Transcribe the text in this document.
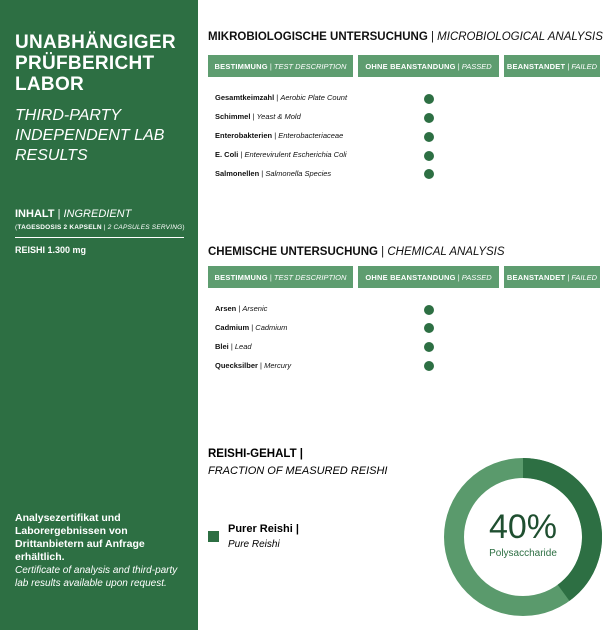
UNABHÄNGIGER PRÜFBERICHT LABOR
THIRD-PARTY INDEPENDENT LAB RESULTS
INHALT | INGREDIENT
(TAGESDOSIS 2 KAPSELN | 2 CAPSULES SERVING)
REISHI 1.300 mg
Analysezertifikat und Laborergebnissen von Drittanbietern auf Anfrage erhältlich.
Certificate of analysis and third-party lab results available upon request.
MIKROBIOLOGISCHE UNTERSUCHUNG | MICROBIOLOGICAL ANALYSIS
BESTIMMUNG | TEST DESCRIPTION	OHNE BEANSTANDUNG | PASSED BEANSTANDET | FAILED
Gesamtkeimzahl | Aerobic Plate Count
Schimmel | Yeast & Mold
Enterobakterien | Enterobacteriaceae
E. Coli | Enterevirulent Escherichia Coli
Salmonellen | Salmonella Species
CHEMISCHE UNTERSUCHUNG | CHEMICAL ANALYSIS
BESTIMMUNG | TEST DESCRIPTION	OHNE BEANSTANDUNG | PASSED BEANSTANDET | FAILED
Arsen | Arsenic
Cadmium | Cadmium
Blei | Lead
Quecksilber | Mercury
REISHI-GEHALT |
FRACTION OF MEASURED REISHI
Purer Reishi |
Pure Reishi	40%
Polysaccharide
